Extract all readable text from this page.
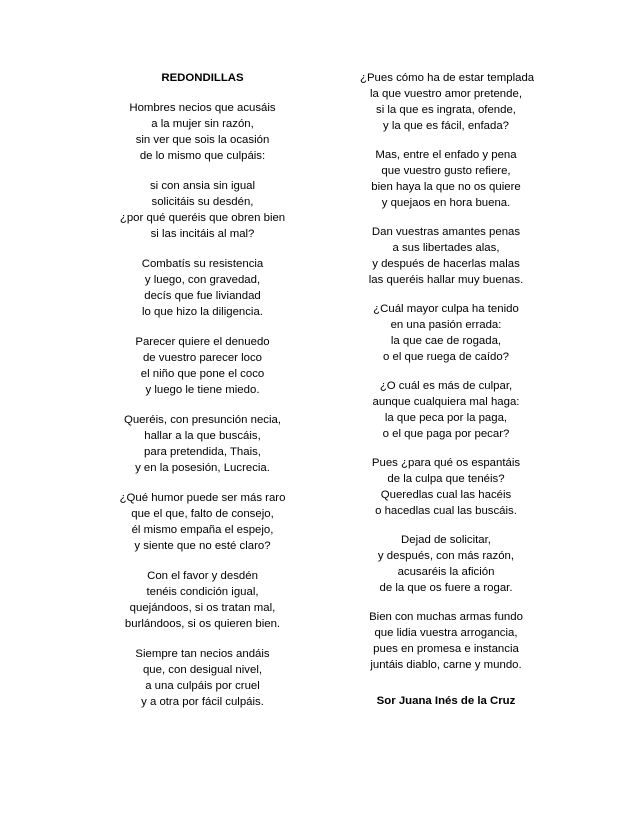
REDONDILLAS
Hombres necios que acusáis
a la mujer sin razón,
sin ver que sois la ocasión
de lo mismo que culpáis:
si con ansia sin igual
solicitáis su desdén,
¿por qué queréis que obren bien
si las incitáis al mal?
Combatís su resistencia
y luego, con gravedad,
decís que fue liviandad
lo que hizo la diligencia.
Parecer quiere el denuedo
de vuestro parecer loco
el niño que pone el coco
y luego le tiene miedo.
Queréis, con presunción necia,
hallar a la que buscáis,
para pretendida, Thais,
y en la posesión, Lucrecia.
¿Qué humor puede ser más raro
que el que, falto de consejo,
él mismo empaña el espejo,
y siente que no esté claro?
Con el favor y desdén
tenéis condición igual,
quejándoos, si os tratan mal,
burlándoos, si os quieren bien.
Siempre tan necios andáis
que, con desigual nivel,
a una culpáis por cruel
y a otra por fácil culpáis.
¿Pues cómo ha de estar templada
la que vuestro amor pretende,
si la que es ingrata, ofende,
y la que es fácil, enfada?
Mas, entre el enfado y pena
que vuestro gusto refiere,
bien haya la que no os quiere
y quejaos en hora buena.
Dan vuestras amantes penas
a sus libertades alas,
y después de hacerlas malas
las queréis hallar muy buenas.
¿Cuál mayor culpa ha tenido
en una pasión errada:
la que cae de rogada,
o el que ruega de caído?
¿O cuál es más de culpar,
aunque cualquiera mal haga:
la que peca por la paga,
o el que paga por pecar?
Pues ¿para qué os espantáis
de la culpa que tenéis?
Queredlas cual las hacéis
o hacedlas cual las buscáis.
Dejad de solicitar,
y después, con más razón,
acusaréis la afición
de la que os fuere a rogar.
Bien con muchas armas fundo
que lidia vuestra arrogancia,
pues en promesa e instancia
juntáis diablo, carne y mundo.
Sor Juana Inés de la Cruz
